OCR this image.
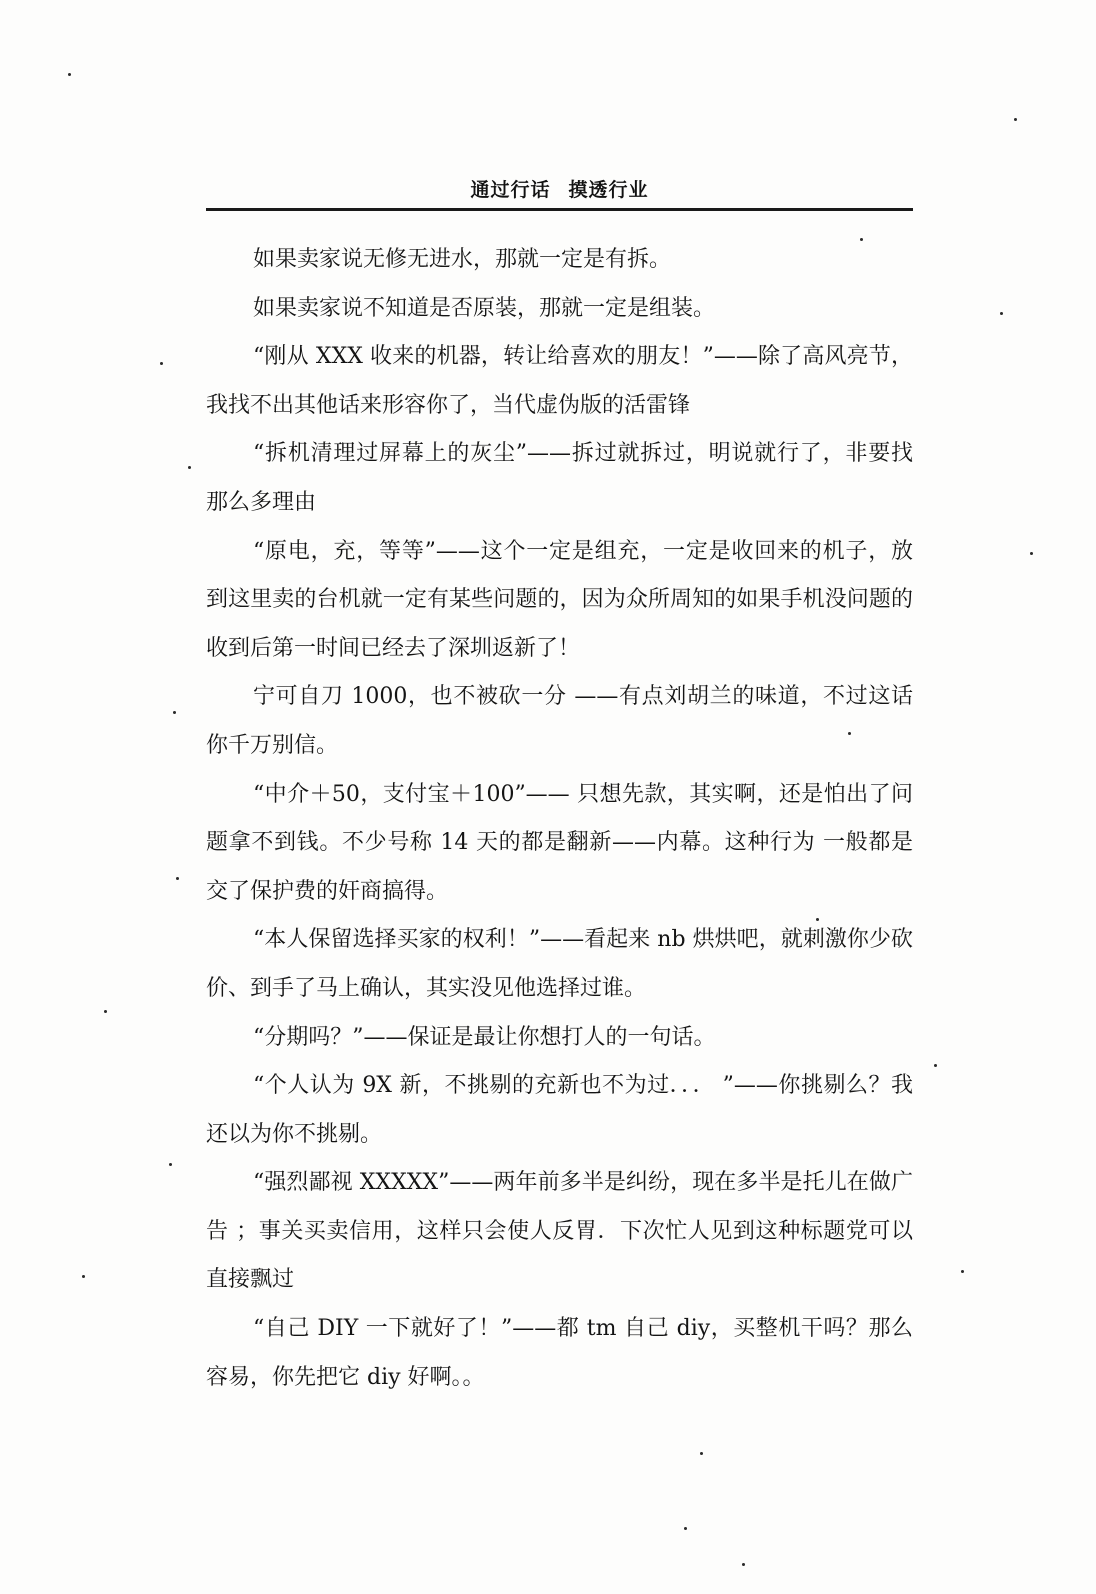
通过行话 摸透行业

如果卖家说无修无进水，那就一定是有拆。

如果卖家说不知道是否原装，那就一定是组装。

“刚从 XXX 收来的机器，转让给喜欢的朋友！”——除了高风亮节，我找不出其他话来形容你了，当代虚伪版的活雷锋

“拆机清理过屏幕上的灰尘”——拆过就拆过，明说就行了，非要找那么多理由

“原电，充，等等”——这个一定是组充，一定是收回来的机子，放到这里卖的台机就一定有某些问题的，因为众所周知的如果手机没问题的收到后第一时间已经去了深圳返新了！

宁可自刀 1000，也不被砍一分 ——有点刘胡兰的味道，不过这话你千万别信。

“中介＋50，支付宝＋100”—— 只想先款，其实啊，还是怕出了问题拿不到钱。不少号称 14 天的都是翻新——内幕。这种行为 一般都是交了保护费的奸商搞得。

“本人保留选择买家的权利！”——看起来 nb 烘烘吧，就刺激你少砍价、到手了马上确认，其实没见他选择过谁。

“分期吗？”——保证是最让你想打人的一句话。

“个人认为 9X 新，不挑剔的充新也不为过．．． ”——你挑剔么？我还以为你不挑剔。

“强烈鄙视 XXXXX”——两年前多半是纠纷，现在多半是托儿在做广告 ；事关买卖信用，这样只会使人反胃．下次忙人见到这种标题党可以直接飘过

“自己 DIY 一下就好了！”——都 tm 自己 diy，买整机干吗？那么容易，你先把它 diy 好啊。。
